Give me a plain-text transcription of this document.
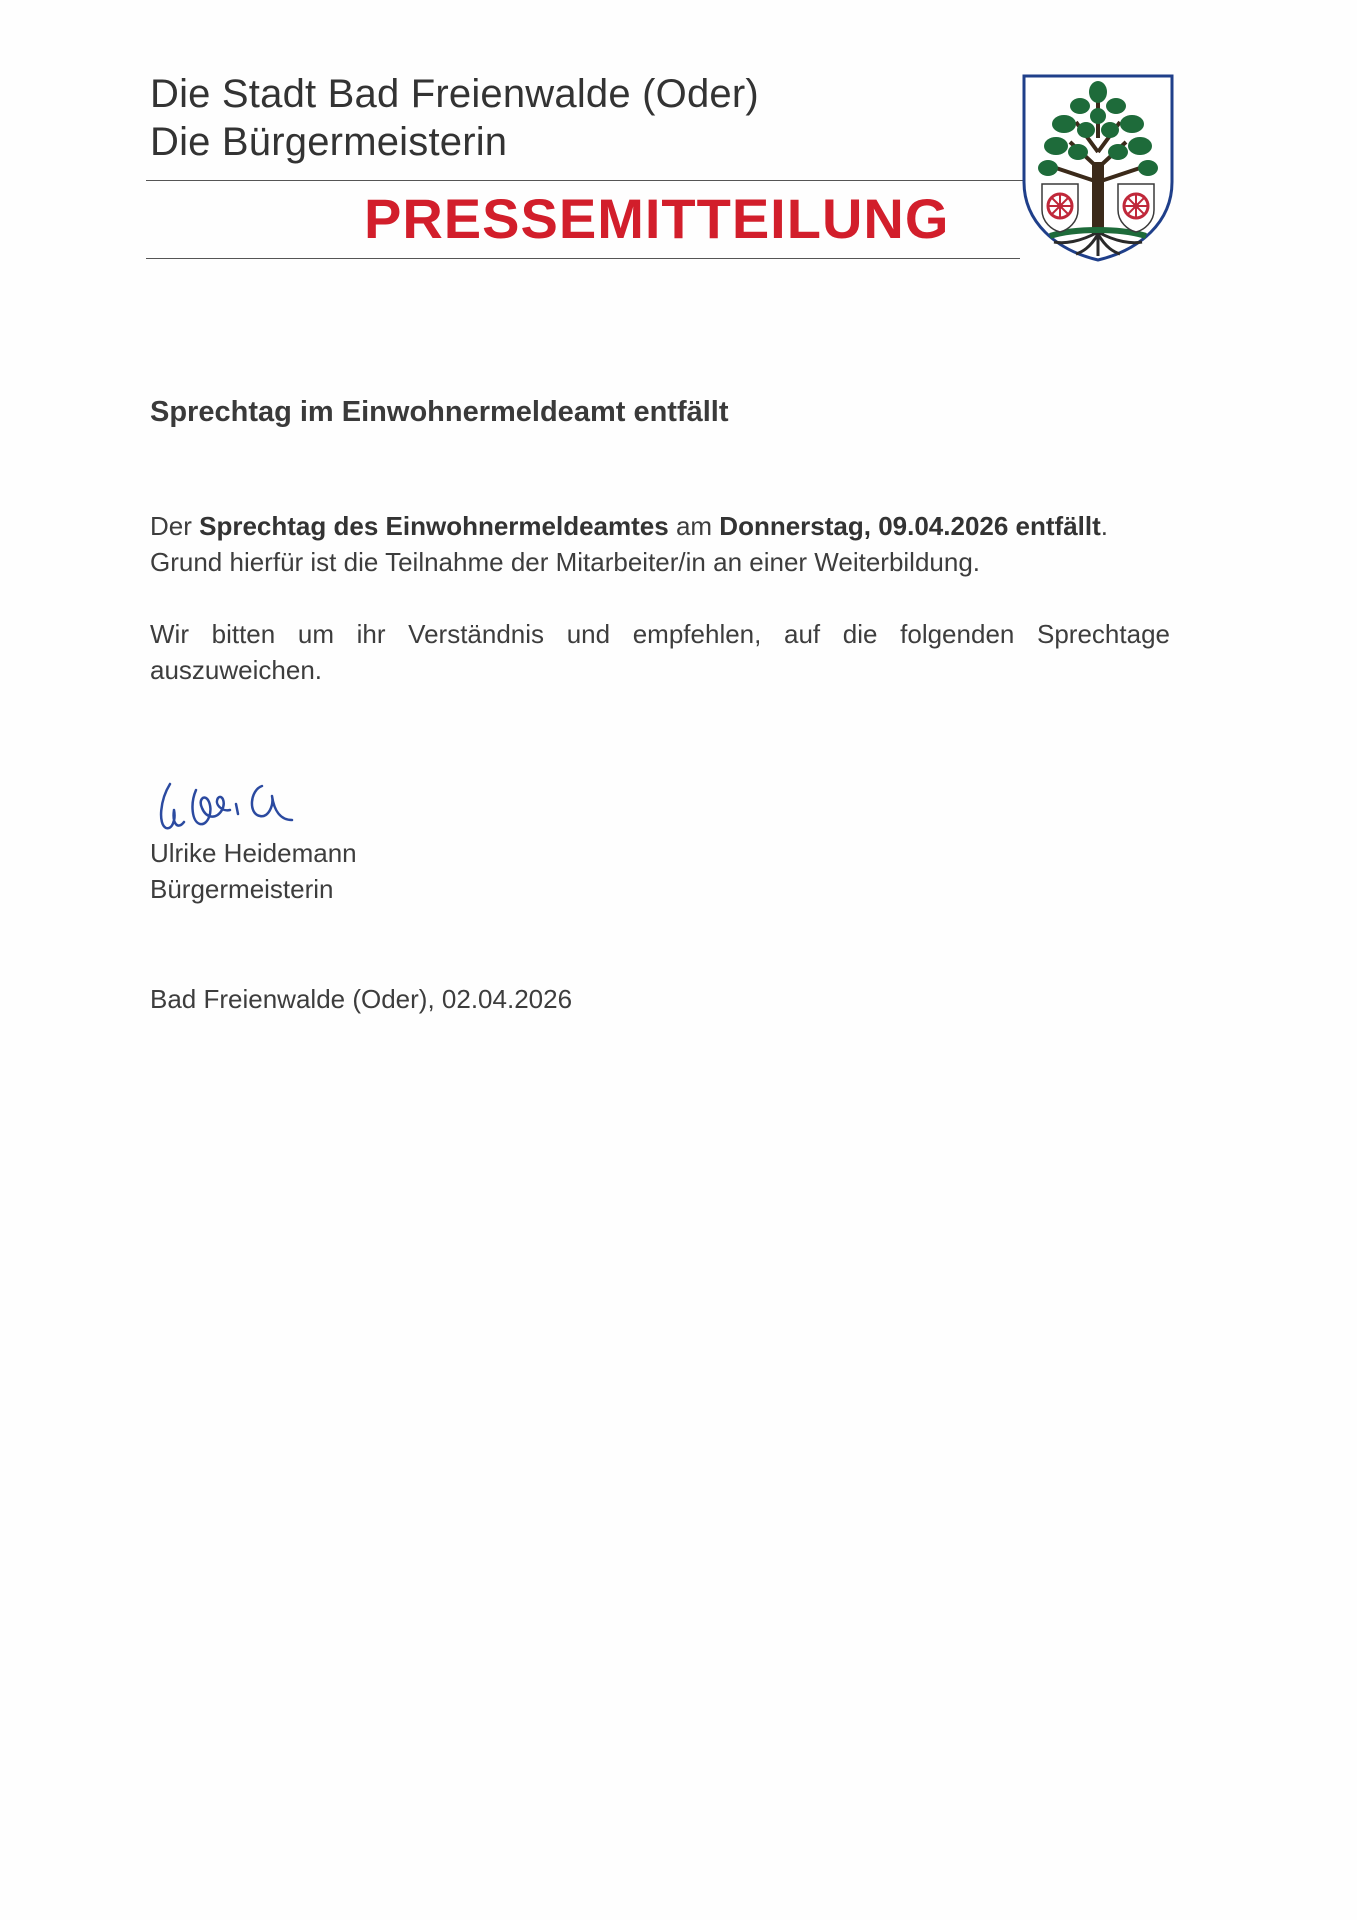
Die Stadt Bad Freienwalde (Oder)
Die Bürgermeisterin
PRESSEMITTEILUNG
Sprechtag im Einwohnermeldeamt entfällt
Der Sprechtag des Einwohnermeldeamtes am Donnerstag, 09.04.2026 entfällt.
Grund hierfür ist die Teilnahme der Mitarbeiter/in an einer Weiterbildung.
Wir bitten um ihr Verständnis und empfehlen, auf die folgenden Sprechtage auszuweichen.
Ulrike Heidemann
Bürgermeisterin
Bad Freienwalde (Oder), 02.04.2026
